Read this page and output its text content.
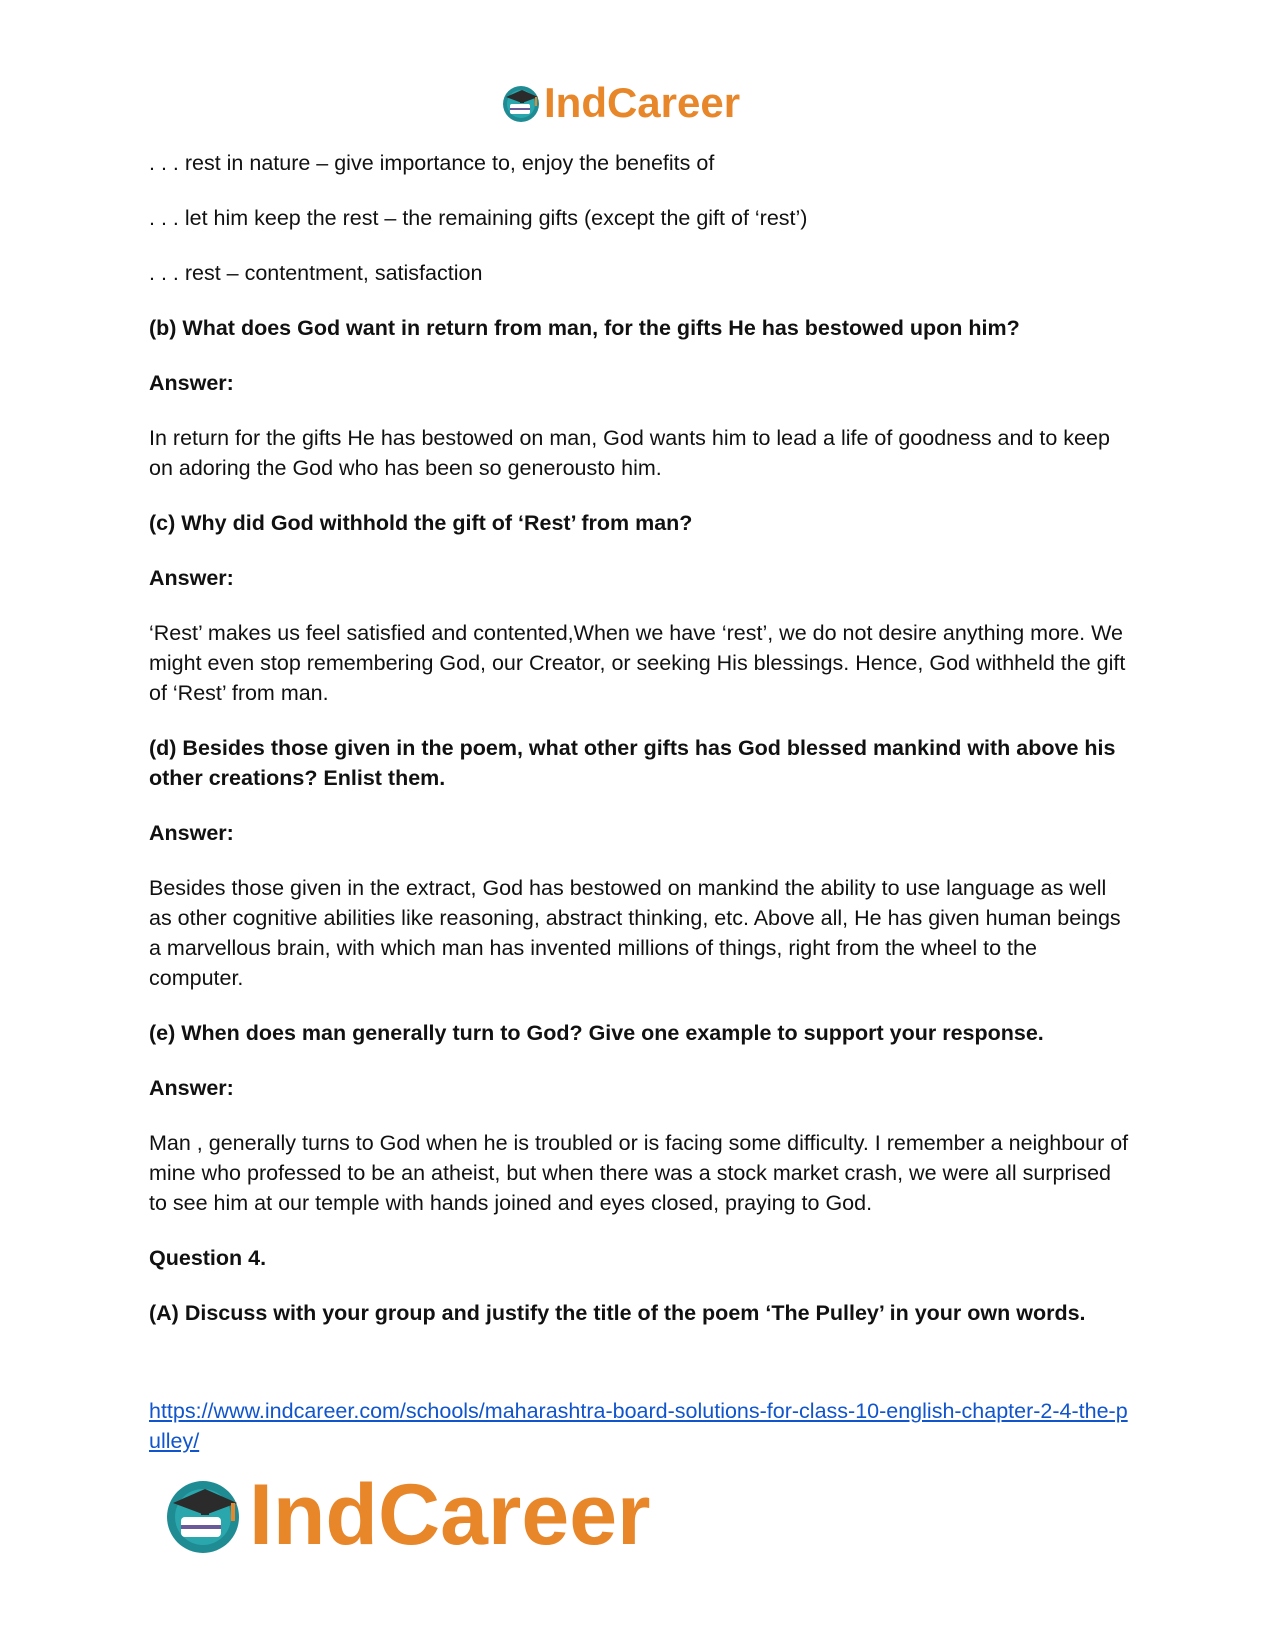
IndCareer

. . . rest in nature – give importance to, enjoy the benefits of

. . . let him keep the rest – the remaining gifts (except the gift of ‘rest’)

. . . rest – contentment, satisfaction

(b) What does God want in return from man, for the gifts He has bestowed upon him?

Answer:

In return for the gifts He has bestowed on man, God wants him to lead a life of goodness and to keep on adoring the God who has been so generousto him.

(c) Why did God withhold the gift of ‘Rest’ from man?

Answer:

‘Rest’ makes us feel satisfied and contented,When we have ‘rest’, we do not desire anything more. We might even stop remembering God, our Creator, or seeking His blessings. Hence, God withheld the gift of ‘Rest’ from man.

(d) Besides those given in the poem, what other gifts has God blessed mankind with above his other creations? Enlist them.

Answer:

Besides those given in the extract, God has bestowed on mankind the ability to use language as well as other cognitive abilities like reasoning, abstract thinking, etc. Above all, He has given human beings a marvellous brain, with which man has invented millions of things, right from the wheel to the computer.

(e) When does man generally turn to God? Give one example to support your response.

Answer:

Man , generally turns to God when he is troubled or is facing some difficulty. I remember a neighbour of mine who professed to be an atheist, but when there was a stock market crash, we were all surprised to see him at our temple with hands joined and eyes closed, praying to God.

Question 4.

(A) Discuss with your group and justify the title of the poem ‘The Pulley’ in your own words.

https://www.indcareer.com/schools/maharashtra-board-solutions-for-class-10-english-chapter-2-4-the-pulley/
IndCareer
